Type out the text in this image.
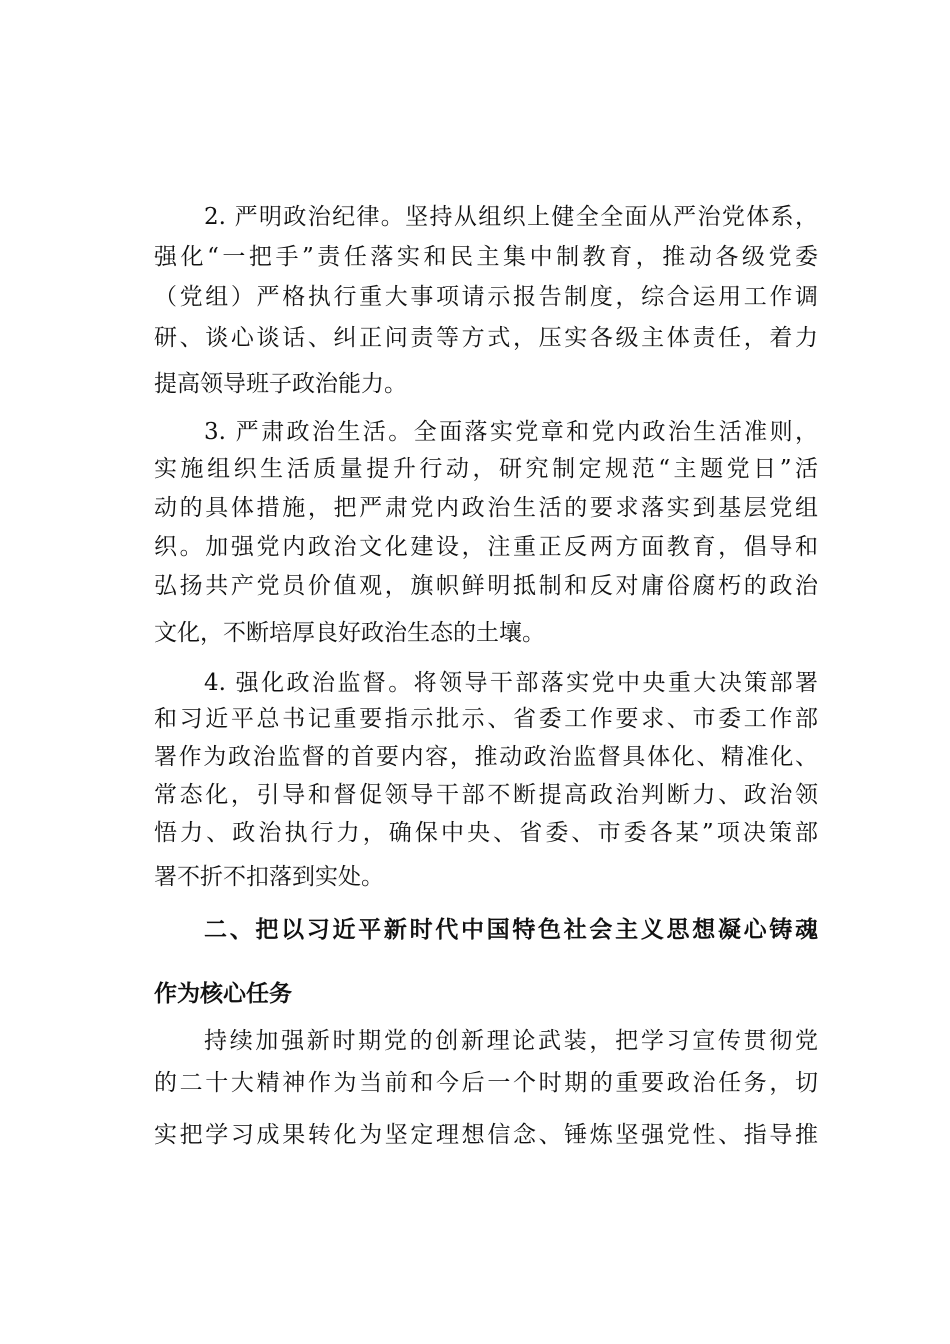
2. 严明政治纪律。坚持从组织上健全全面从严治党体系，
强化“一把手”责任落实和民主集中制教育，推动各级党委
（党组）严格执行重大事项请示报告制度，综合运用工作调
研、谈心谈话、纠正问责等方式，压实各级主体责任，着力
提高领导班子政治能力。
3. 严肃政治生活。全面落实党章和党内政治生活准则，
实施组织生活质量提升行动，研究制定规范“主题党日”活
动的具体措施，把严肃党内政治生活的要求落实到基层党组
织。加强党内政治文化建设，注重正反两方面教育，倡导和
弘扬共产党员价值观，旗帜鲜明抵制和反对庸俗腐朽的政治
文化，不断培厚良好政治生态的土壤。
4. 强化政治监督。将领导干部落实党中央重大决策部署
和习近平总书记重要指示批示、省委工作要求、市委工作部
署作为政治监督的首要内容，推动政治监督具体化、精准化、
常态化，引导和督促领导干部不断提高政治判断力、政治领
悟力、政治执行力，确保中央、省委、市委各某”项决策部
署不折不扣落到实处。
二、把以习近平新时代中国特色社会主义思想凝心铸魂
作为核心任务
持续加强新时期党的创新理论武装，把学习宣传贯彻党
的二十大精神作为当前和今后一个时期的重要政治任务，切
实把学习成果转化为坚定理想信念、锤炼坚强党性、指导推
